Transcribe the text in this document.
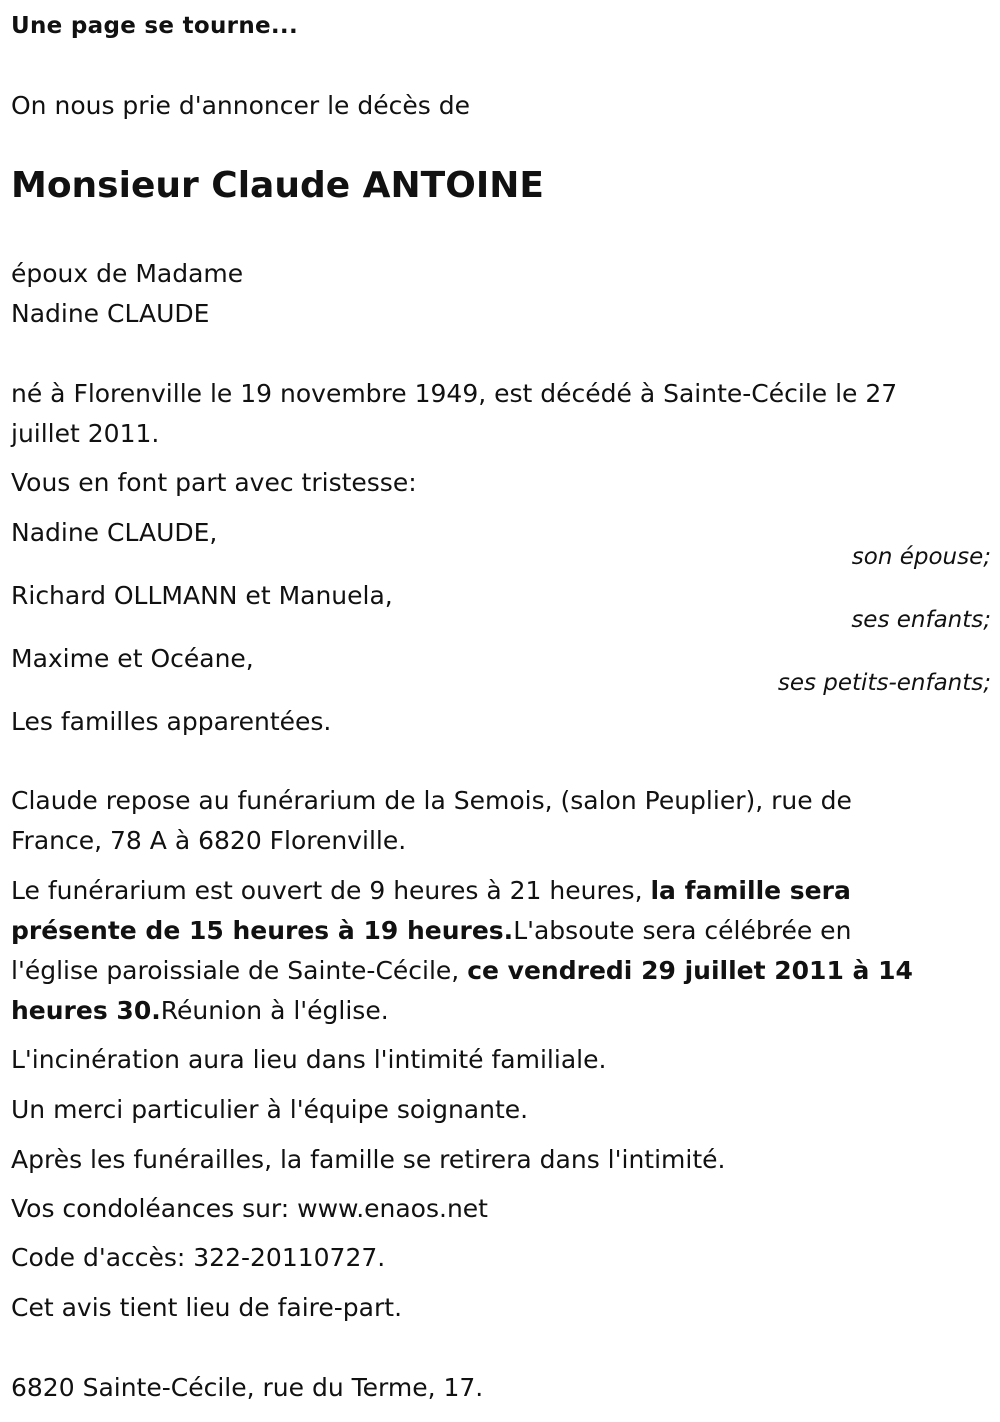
Une page se tourne...

On nous prie d'annoncer le décès de

Monsieur Claude ANTOINE

époux de Madame

Nadine CLAUDE

né à Florenville le 19 novembre 1949, est décédé à Sainte-Cécile le 27 juillet 2011.

Vous en font part avec tristesse:

Nadine CLAUDE,

son épouse;

Richard OLLMANN et Manuela,

ses enfants;

Maxime et Océane,

ses petits-enfants;

Les familles apparentées.

Claude repose au funérarium de la Semois, (salon Peuplier), rue de France, 78 A à 6820 Florenville.

Le funérarium est ouvert de 9 heures à 21 heures, la famille sera présente de 15 heures à 19 heures.L'absoute sera célébrée en l'église paroissiale de Sainte-Cécile, ce vendredi 29 juillet 2011 à 14 heures 30.Réunion à l'église.

L'incinération aura lieu dans l'intimité familiale.

Un merci particulier à l'équipe soignante.

Après les funérailles, la famille se retirera dans l'intimité.

Vos condoléances sur: www.enaos.net

Code d'accès: 322-20110727.

Cet avis tient lieu de faire-part.

6820 Sainte-Cécile, rue du Terme, 17.
